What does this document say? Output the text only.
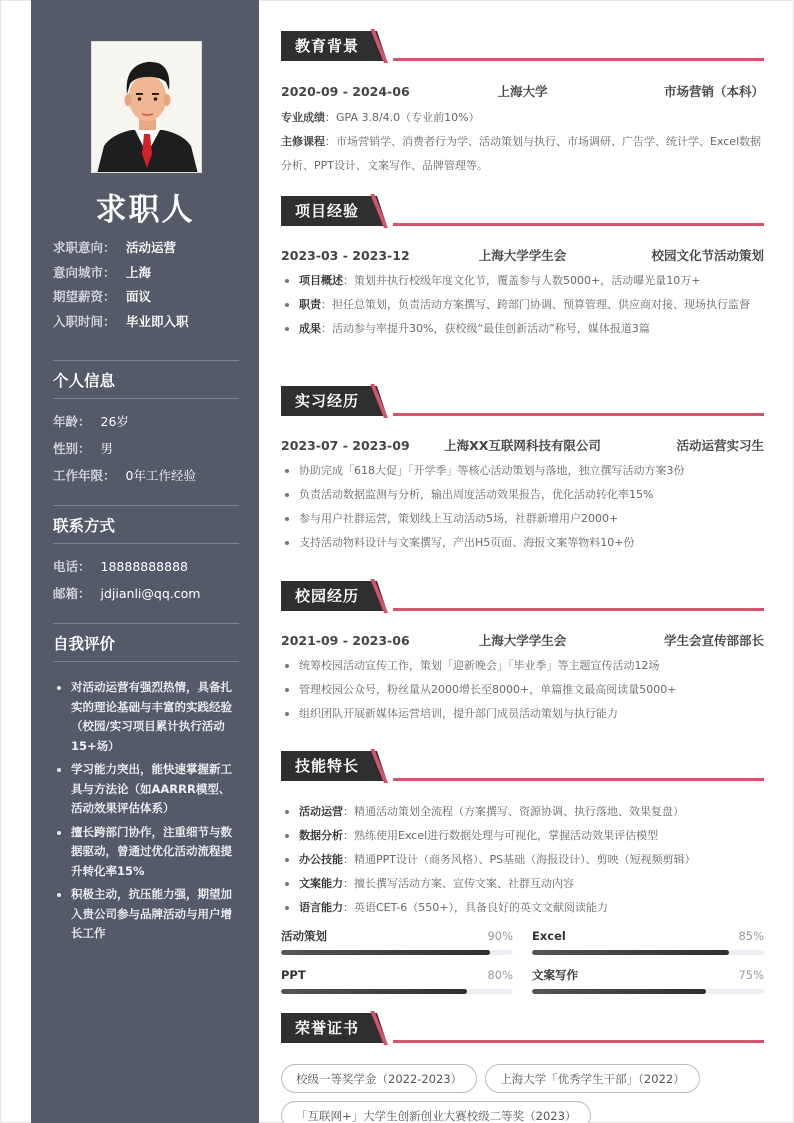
求职人
求职意向： 活动运营
意向城市： 上海
期望薪资： 面议
入职时间： 毕业即入职
个人信息
年龄： 26岁
性别： 男
工作年限： 0年工作经验
联系方式
电话： 18888888888
邮箱： jdjianli@qq.com
自我评价
对活动运营有强烈热情，具备扎实的理论基础与丰富的实践经验（校园/实习项目累计执行活动15+场）
学习能力突出，能快速掌握新工具与方法论（如AARRR模型、活动效果评估体系）
擅长跨部门协作，注重细节与数据驱动，曾通过优化活动流程提升转化率15%
积极主动，抗压能力强，期望加入贵公司参与品牌活动与用户增长工作
教育背景
2020-09 - 2024-06	上海大学	市场营销（本科）
专业成绩：GPA 3.8/4.0（专业前10%）
主修课程：市场营销学、消费者行为学、活动策划与执行、市场调研、广告学、统计学、Excel数据分析、PPT设计、文案写作、品牌管理等。
项目经验
2023-03 - 2023-12	上海大学学生会	校园文化节活动策划
项目概述：策划并执行校级年度文化节，覆盖参与人数5000+，活动曝光量10万+
职责：担任总策划，负责活动方案撰写、跨部门协调、预算管理、供应商对接、现场执行监督
成果：活动参与率提升30%，获校级“最佳创新活动”称号，媒体报道3篇
实习经历
2023-07 - 2023-09	上海XX互联网科技有限公司	活动运营实习生
协助完成「618大促」「开学季」等核心活动策划与落地，独立撰写活动方案3份
负责活动数据监测与分析，输出周度活动效果报告，优化活动转化率15%
参与用户社群运营，策划线上互动活动5场，社群新增用户2000+
支持活动物料设计与文案撰写，产出H5页面、海报文案等物料10+份
校园经历
2021-09 - 2023-06	上海大学学生会	学生会宣传部部长
统筹校园活动宣传工作，策划「迎新晚会」「毕业季」等主题宣传活动12场
管理校园公众号，粉丝量从2000增长至8000+，单篇推文最高阅读量5000+
组织团队开展新媒体运营培训，提升部门成员活动策划与执行能力
技能特长
活动运营：精通活动策划全流程（方案撰写、资源协调、执行落地、效果复盘）
数据分析：熟练使用Excel进行数据处理与可视化，掌握活动效果评估模型
办公技能：精通PPT设计（商务风格）、PS基础（海报设计）、剪映（短视频剪辑）
文案能力：擅长撰写活动方案、宣传文案、社群互动内容
语言能力：英语CET-6（550+），具备良好的英文文献阅读能力
活动策划	90% Excel	85%
PPT	80% 文案写作	75%
荣誉证书
校级一等奖学金（2022-2023）	上海大学「优秀学生干部」（2022）
「互联网+」大学生创新创业大赛校级二等奖（2023）
